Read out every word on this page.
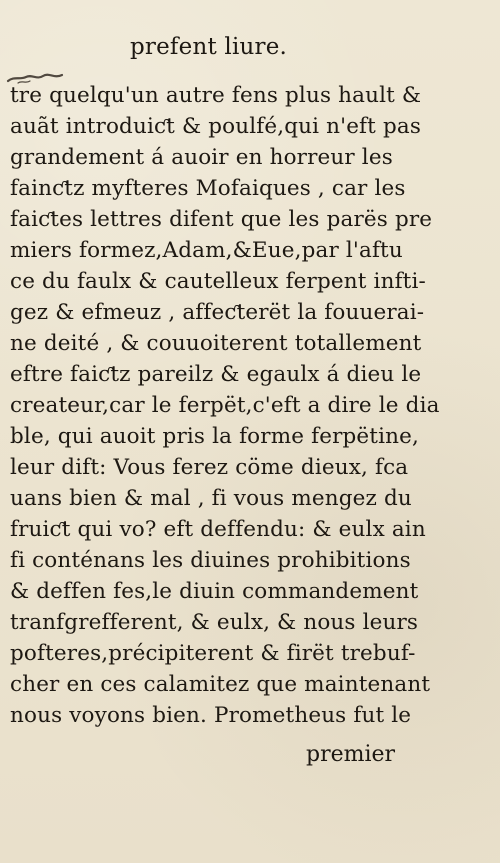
prefent liure.
tre quelqu'un autre fens plus hault &
auãt introduiƈt & poulfé,qui n'eft pas
grandement á auoir en horreur les
fainƈtz myfteres Mofaiques , car les
faiƈtes lettres difent que les parës pre
miers formez,Adam,&Eue,par l'aftu
ce du faulx & cautelleux ferpent infti-
gez & efmeuz , affeƈterët la fouuerai-
ne deité , & couuoiterent totallement
eftre faiƈtz pareilz & egaulx á dieu le
createur,car le ferpët,c'eft a dire le dia
ble, qui auoit pris la forme ferpëtine,
leur dift: Vous ferez cöme dieux, fca
uans bien & mal , fi vous mengez du
fruiƈt qui vo? eft deffendu: & eulx ain
fi conténans les diuines prohibitions
& deffen fes,le diuin commandement
tranfgrefferent, & eulx, & nous leurs
pofteres,précipiterent & firët trebuf-
cher en ces calamitez que maintenant
nous voyons bien. Prometheus fut le
premier
